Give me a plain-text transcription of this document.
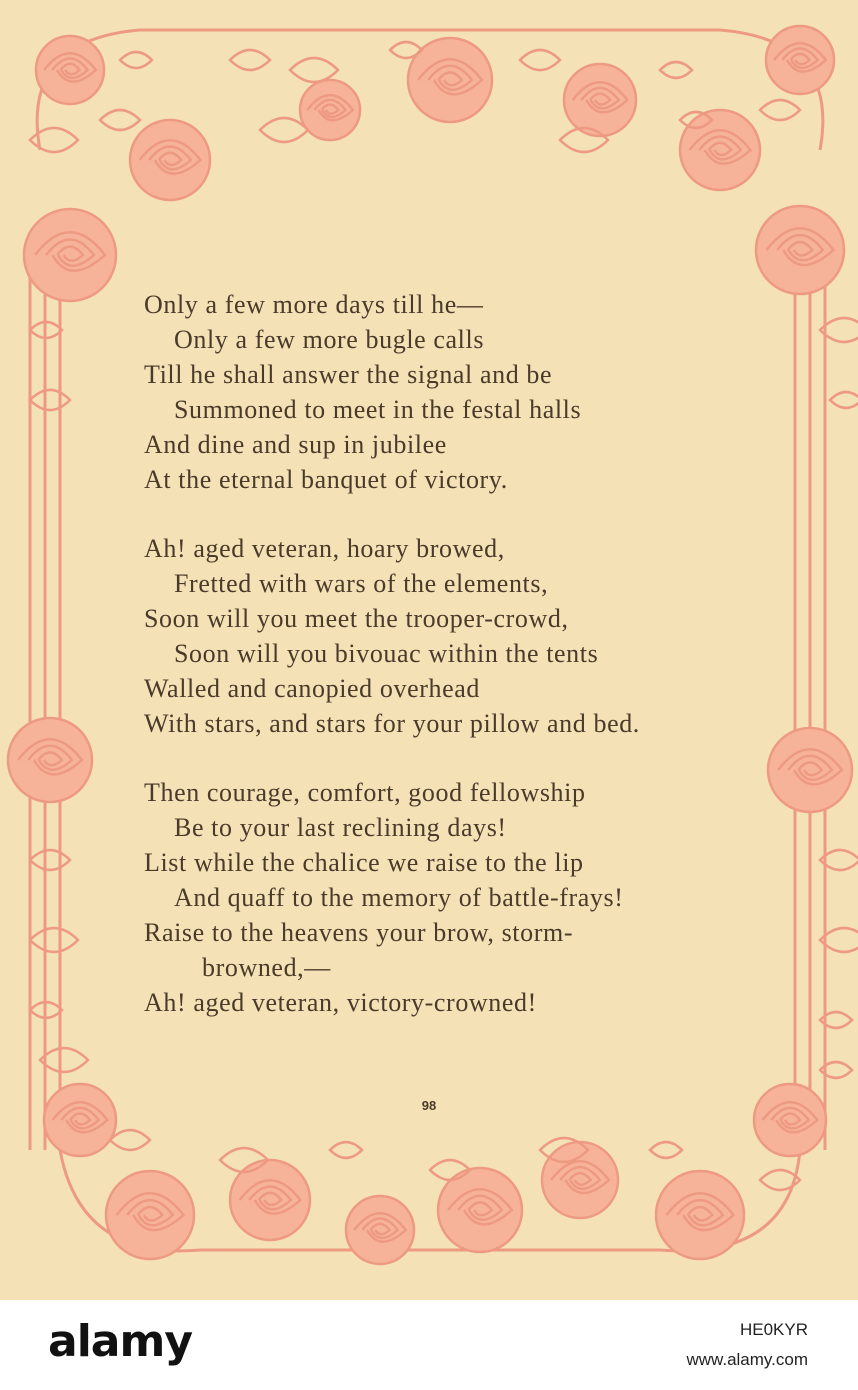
Only a few more days till he—
Only a few more bugle calls
Till he shall answer the signal and be
Summoned to meet in the festal halls
And dine and sup in jubilee
At the eternal banquet of victory.
Ah! aged veteran, hoary browed,
Fretted with wars of the elements,
Soon will you meet the trooper-crowd,
Soon will you bivouac within the tents
Walled and canopied overhead
With stars, and stars for your pillow and bed.
Then courage, comfort, good fellowship
Be to your last reclining days!
List while the chalice we raise to the lip
And quaff to the memory of battle-frays!
Raise to the heavens your brow, storm-
browned,—
Ah! aged veteran, victory-crowned!
98
alamy	HE0KYR
www.alamy.com
